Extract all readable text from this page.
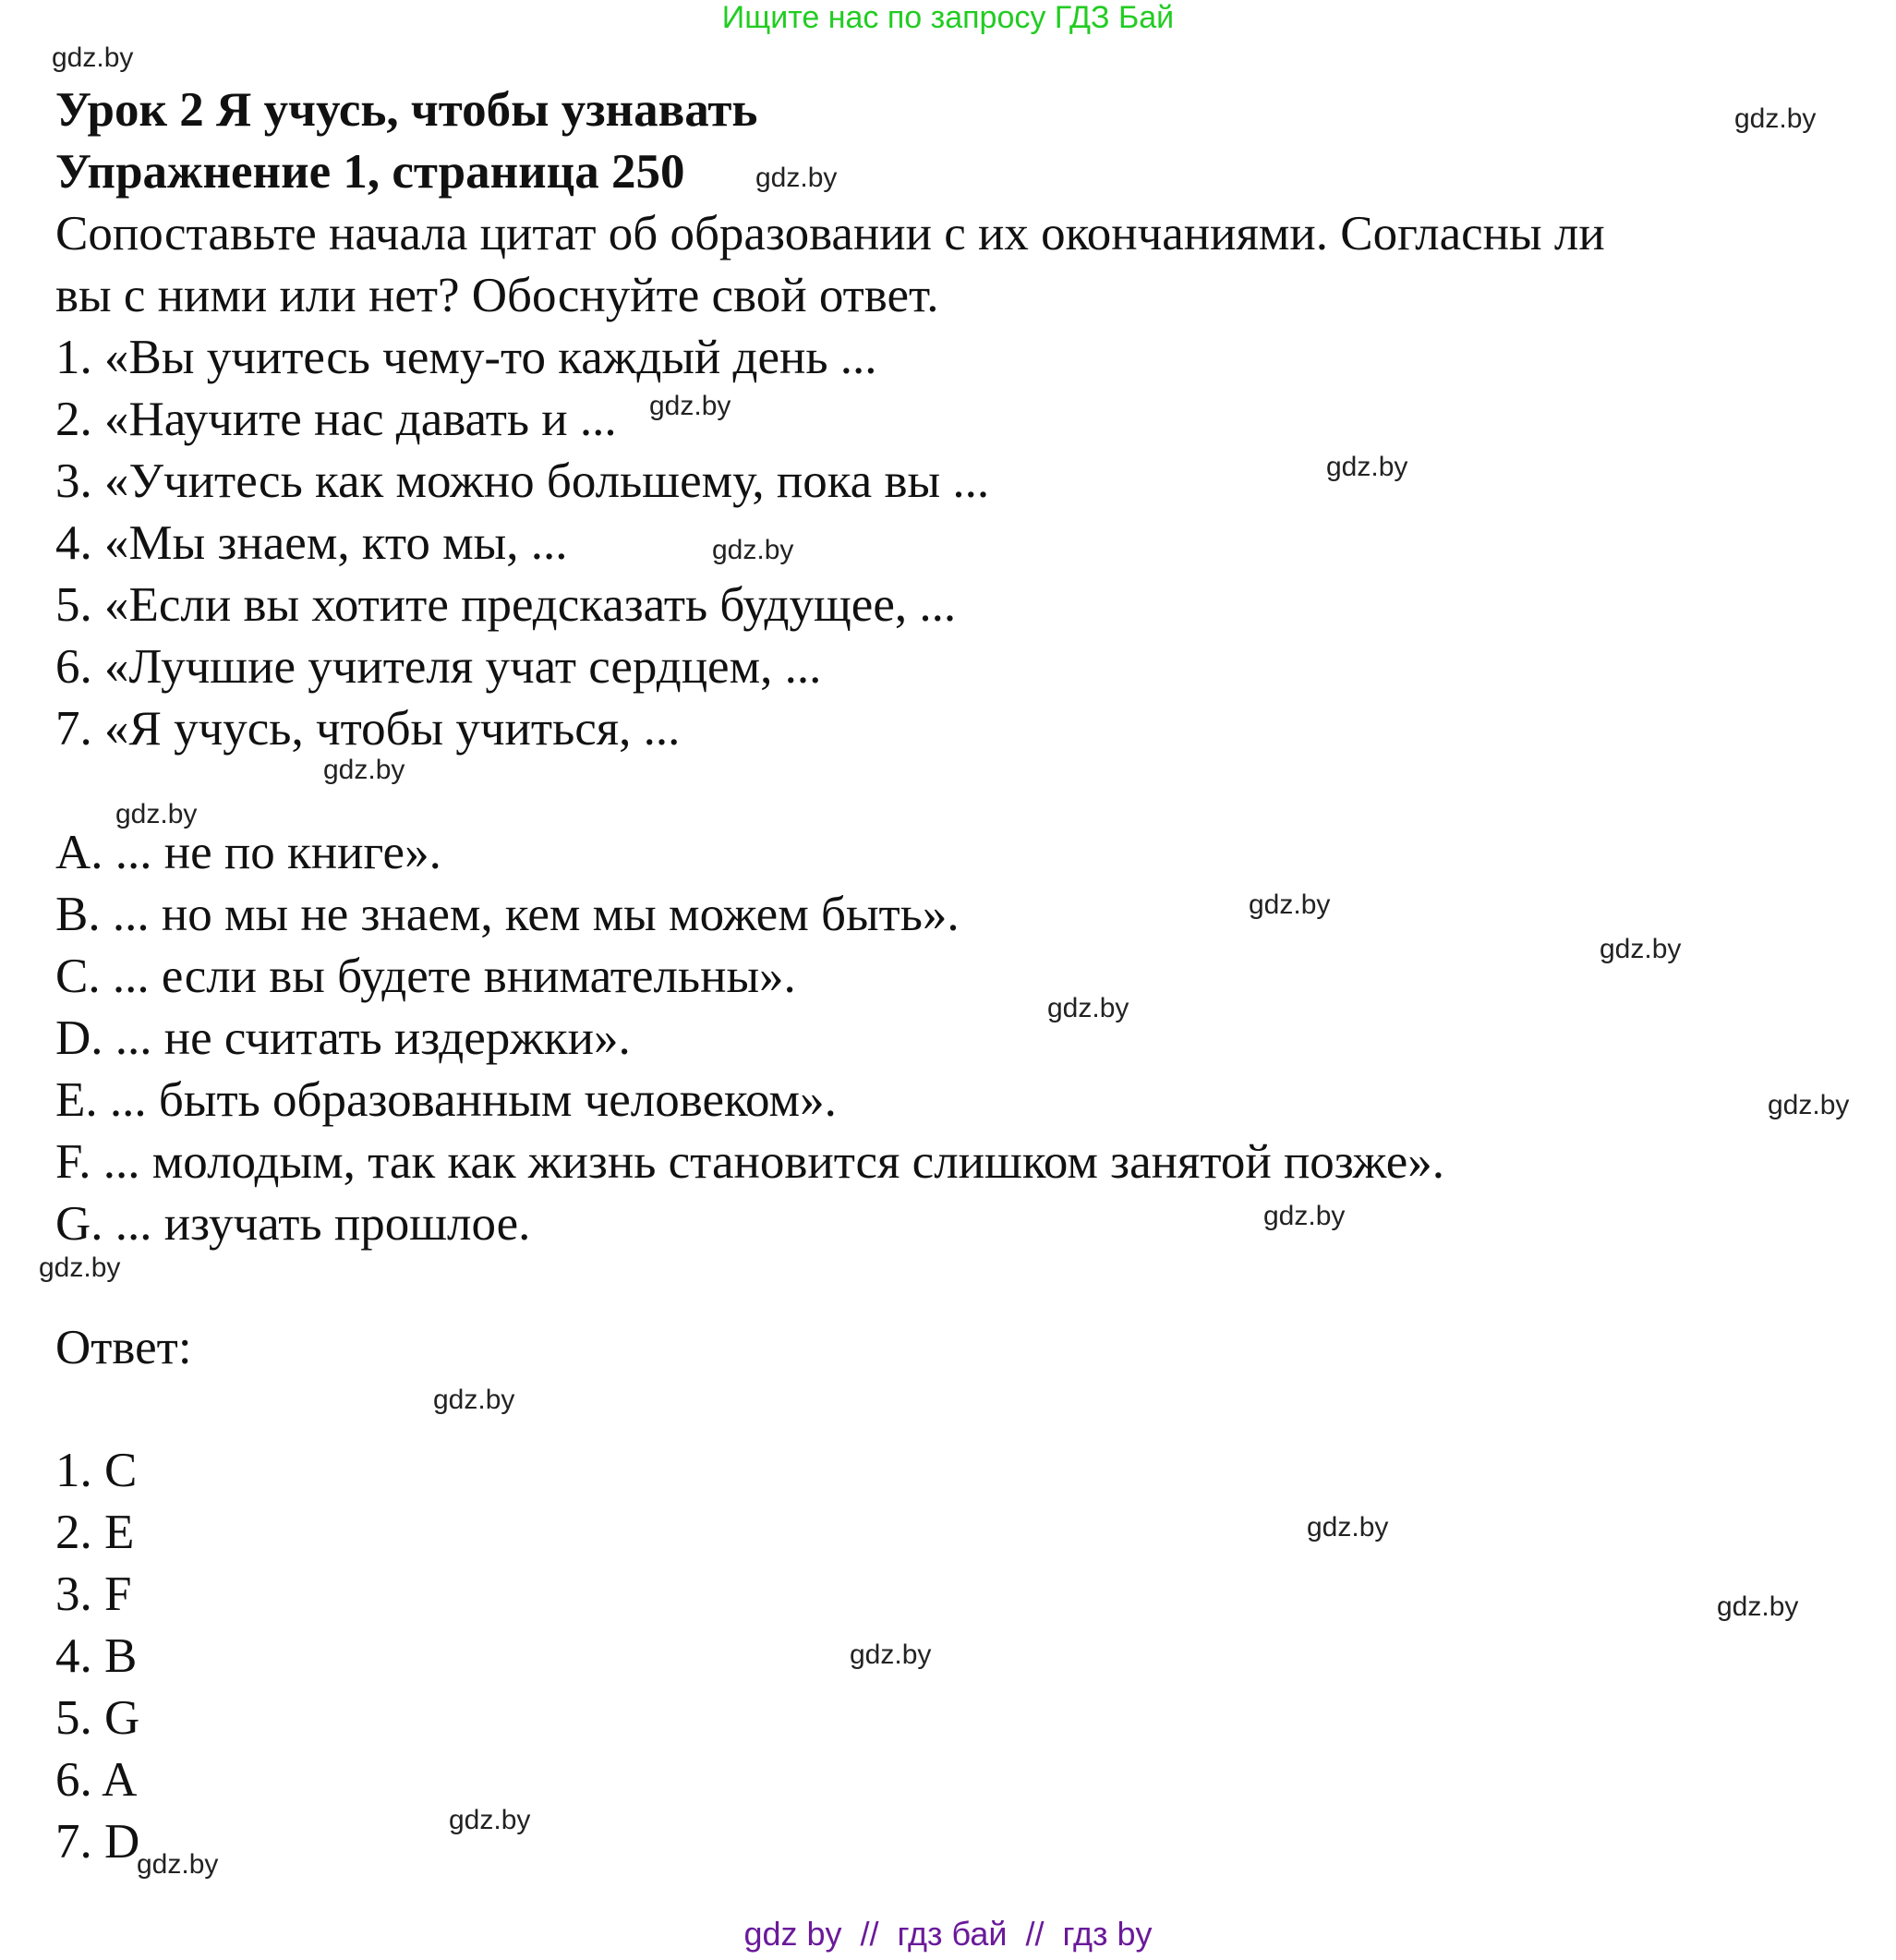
Ищите нас по запросу ГДЗ Бай
gdz.by
gdz.by
gdz.by
gdz.by
gdz.by
gdz.by
gdz.by
gdz.by
gdz.by
gdz.by
gdz.by
gdz.by
gdz.by
gdz.by
gdz.by
gdz.by
gdz.by
gdz.by
gdz.by
gdz.by

Урок 2 Я учусь, чтобы узнавать

Упражнение 1, страница 250

Сопоставьте начала цитат об образовании с их окончаниями. Согласны ли

вы с ними или нет? Обоснуйте свой ответ.

1. «Вы учитесь чему-то каждый день ...

2. «Научите нас давать и ...

3. «Учитесь как можно большему, пока вы ...

4. «Мы знаем, кто мы, ...

5. «Если вы хотите предсказать будущее, ...

6. «Лучшие учителя учат сердцем, ...

7. «Я учусь, чтобы учиться, ...

A. ... не по книге».

B. ... но мы не знаем, кем мы можем быть».

C. ... если вы будете внимательны».

D. ... не считать издержки».

E. ... быть образованным человеком».

F. ... молодым, так как жизнь становится слишком занятой позже».

G. ... изучать прошлое.

Ответ:

1. C

2. E

3. F

4. B

5. G

6. A

7. D

gdz by  //  гдз бай  //  гдз by
